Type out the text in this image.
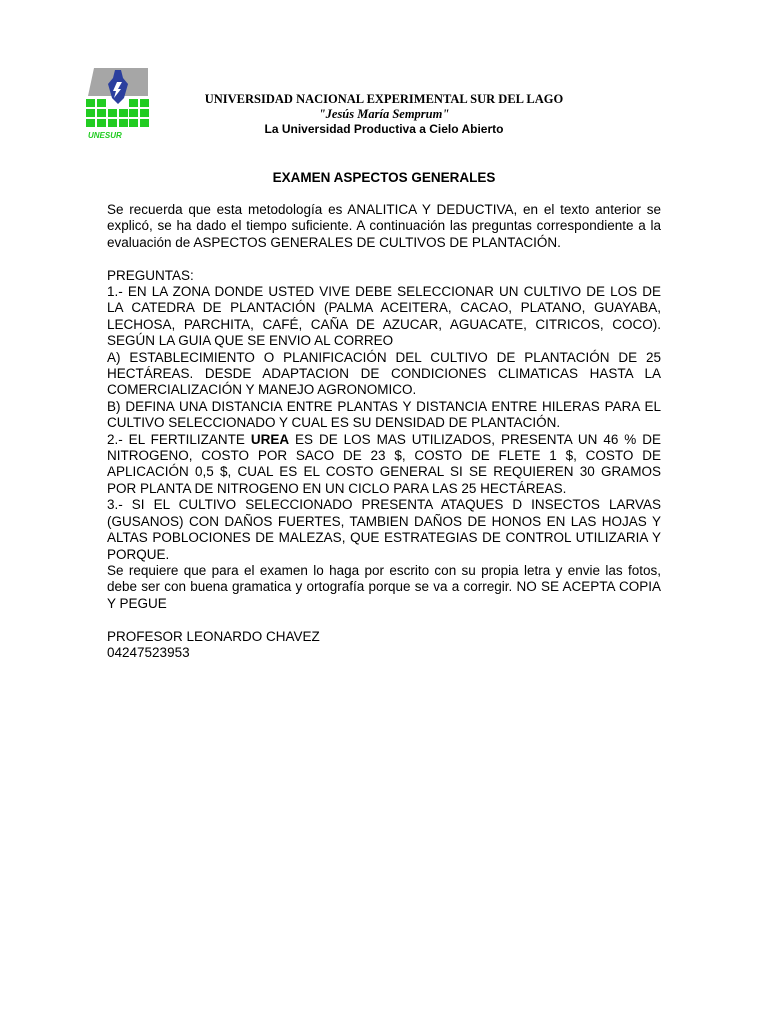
UNESUR
UNIVERSIDAD NACIONAL EXPERIMENTAL SUR DEL LAGO
"Jesús María Semprum"
La Universidad Productiva a Cielo Abierto
EXAMEN ASPECTOS GENERALES

Se recuerda que esta metodología es ANALITICA Y DEDUCTIVA, en el texto anterior se explicó, se ha dado el tiempo suficiente. A continuación las preguntas correspondiente a la evaluación de ASPECTOS GENERALES DE CULTIVOS DE PLANTACIÓN.

PREGUNTAS:

1.- EN LA ZONA DONDE USTED VIVE DEBE SELECCIONAR UN CULTIVO DE LOS DE LA CATEDRA DE PLANTACIÓN (PALMA ACEITERA, CACAO, PLATANO, GUAYABA, LECHOSA, PARCHITA, CAFÉ, CAÑA DE AZUCAR, AGUACATE, CITRICOS, COCO). SEGÚN LA GUIA QUE SE ENVIO AL CORREO

A) ESTABLECIMIENTO O PLANIFICACIÓN DEL CULTIVO DE PLANTACIÓN DE 25 HECTÁREAS. DESDE ADAPTACION DE CONDICIONES CLIMATICAS HASTA LA COMERCIALIZACIÓN Y MANEJO AGRONOMICO.

B) DEFINA UNA DISTANCIA ENTRE PLANTAS Y DISTANCIA ENTRE HILERAS PARA EL CULTIVO SELECCIONADO Y CUAL ES SU DENSIDAD DE PLANTACIÓN.

2.- EL FERTILIZANTE UREA ES DE LOS MAS UTILIZADOS, PRESENTA UN 46 % DE NITROGENO, COSTO POR SACO DE 23 $, COSTO DE FLETE 1 $, COSTO DE APLICACIÓN 0,5 $, CUAL ES EL COSTO GENERAL SI SE REQUIEREN 30 GRAMOS POR PLANTA DE NITROGENO EN UN CICLO PARA LAS 25 HECTÁREAS.

3.- SI EL CULTIVO SELECCIONADO PRESENTA ATAQUES D INSECTOS LARVAS (GUSANOS) CON DAÑOS FUERTES, TAMBIEN DAÑOS DE HONOS EN LAS HOJAS Y ALTAS POBLOCIONES DE MALEZAS, QUE ESTRATEGIAS DE CONTROL UTILIZARIA Y PORQUE.

Se requiere que para el examen lo haga por escrito con su propia letra y envie las fotos, debe ser con buena gramatica y ortografía porque se va a corregir. NO SE ACEPTA COPIA Y PEGUE

PROFESOR LEONARDO CHAVEZ

04247523953
